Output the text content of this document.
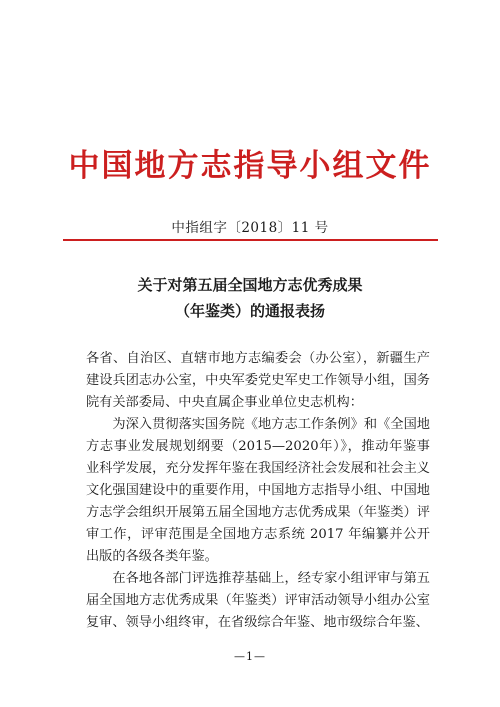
中国地方志指导小组文件
中指组字〔2018〕11 号
关于对第五届全国地方志优秀成果
（年鉴类）的通报表扬

各省、自治区、直辖市地方志编委会（办公室），新疆生产建设兵团志办公室，中央军委党史军史工作领导小组，国务院有关部委局、中央直属企事业单位史志机构：

为深入贯彻落实国务院《地方志工作条例》和《全国地方志事业发展规划纲要（2015—2020年）》，推动年鉴事业科学发展，充分发挥年鉴在我国经济社会发展和社会主义文化强国建设中的重要作用，中国地方志指导小组、中国地方志学会组织开展第五届全国地方志优秀成果（年鉴类）评审工作，评审范围是全国地方志系统 2017 年编纂并公开出版的各级各类年鉴。

在各地各部门评选推荐基础上，经专家小组评审与第五届全国地方志优秀成果（年鉴类）评审活动领导小组办公室复审、领导小组终审，在省级综合年鉴、地市级综合年鉴、

—1—
